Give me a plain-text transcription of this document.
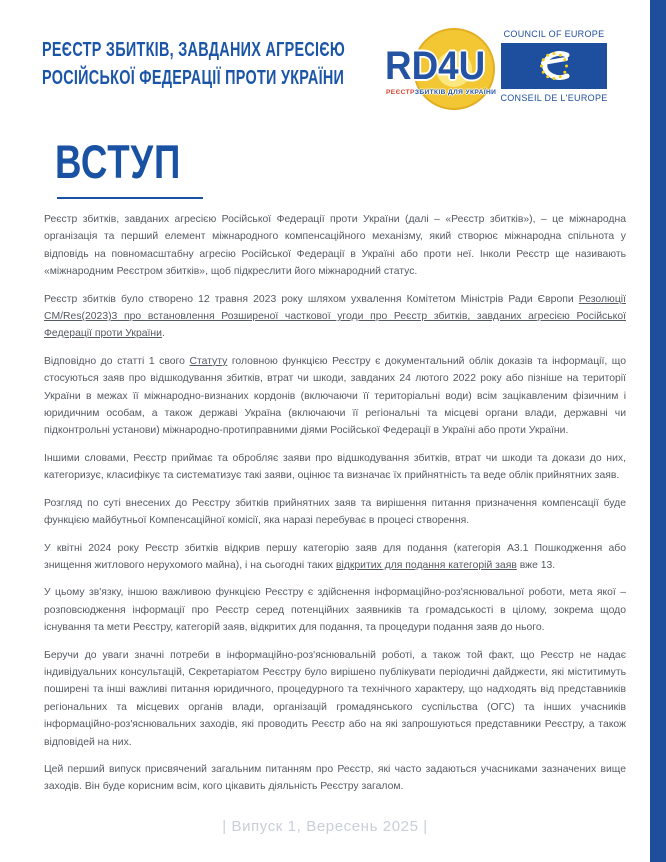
РЕЄСТР ЗБИТКІВ, ЗАВДАНИХ АГРЕСІЄЮ
РОСІЙСЬКОЇ ФЕДЕРАЦІЇ ПРОТИ УКРАЇНИ RD4U
РЕЄСТР ЗБИТКІВ ДЛЯ УКРАЇНИ
COUNCIL OF EUROPE
CONSEIL DE L'EUROPE
ВСТУП

Реєстр збитків, завданих агресією Російської Федерації проти України (далі – «Реєстр збитків»), – це міжнародна організація та перший елемент міжнародного компенсаційного механізму, який створює міжнародна спільнота у відповідь на повномасштабну агресію Російської Федерації в Україні або проти неї. Інколи Реєстр ще називають «міжнародним Реєстром збитків», щоб підкреслити його міжнародний статус.

Реєстр збитків було створено 12 травня 2023 року шляхом ухвалення Комітетом Міністрів Ради Європи Резолюції CM/Res(2023)3 про встановлення Розширеної часткової угоди про Реєстр збитків, завданих агресією Російської Федерації проти України.

Відповідно до статті 1 свого Статуту головною функцією Реєстру є документальний облік доказів та інформації, що стосуються заяв про відшкодування збитків, втрат чи шкоди, завданих 24 лютого 2022 року або пізніше на території України в межах її міжнародно-визнаних кордонів (включаючи її територіальні води) всім зацікавленим фізичним і юридичним особам, а також державі Україна (включаючи її регіональні та місцеві органи влади, державні чи підконтрольні установи) міжнародно-протиправними діями Російської Федерації в Україні або проти України.

Іншими словами, Реєстр приймає та обробляє заяви про відшкодування збитків, втрат чи шкоди та докази до них, категоризує, класифікує та систематизує такі заяви, оцінює та визначає їх прийнятність та веде облік прийнятних заяв.

Розгляд по суті внесених до Реєстру збитків прийнятних заяв та вирішення питання призначення компенсації буде функцією майбутньої Компенсаційної комісії, яка наразі перебуває в процесі створення.

У квітні 2024 року Реєстр збитків відкрив першу категорію заяв для подання (категорія А3.1 Пошкодження або знищення житлового нерухомого майна), і на сьогодні таких відкритих для подання категорій заяв вже 13.

У цьому зв'язку, іншою важливою функцією Реєстру є здійснення інформаційно-роз'яснювальної роботи, мета якої – розповсюдження інформації про Реєстр серед потенційних заявників та громадськості в цілому, зокрема щодо існування та мети Реєстру, категорій заяв, відкритих для подання, та процедури подання заяв до нього.

Беручи до уваги значні потреби в інформаційно-роз'яснювальній роботі, а також той факт, що Реєстр не надає індивідуальних консультацій, Секретаріатом Реєстру було вирішено публікувати періодичні дайджести, які міститимуть поширені та інші важливі питання юридичного, процедурного та технічного характеру, що надходять від представників регіональних та місцевих органів влади, організацій громадянського суспільства (ОГС) та інших учасників інформаційно-роз'яснювальних заходів, які проводить Реєстр або на які запрошуються представники Реєстру, а також відповідей на них.

Цей перший випуск присвячений загальним питанням про Реєстр, які часто задаються учасниками зазначених вище заходів. Він буде корисним всім, кого цікавить діяльність Реєстру загалом.

| Випуск 1, Вересень 2025 |
